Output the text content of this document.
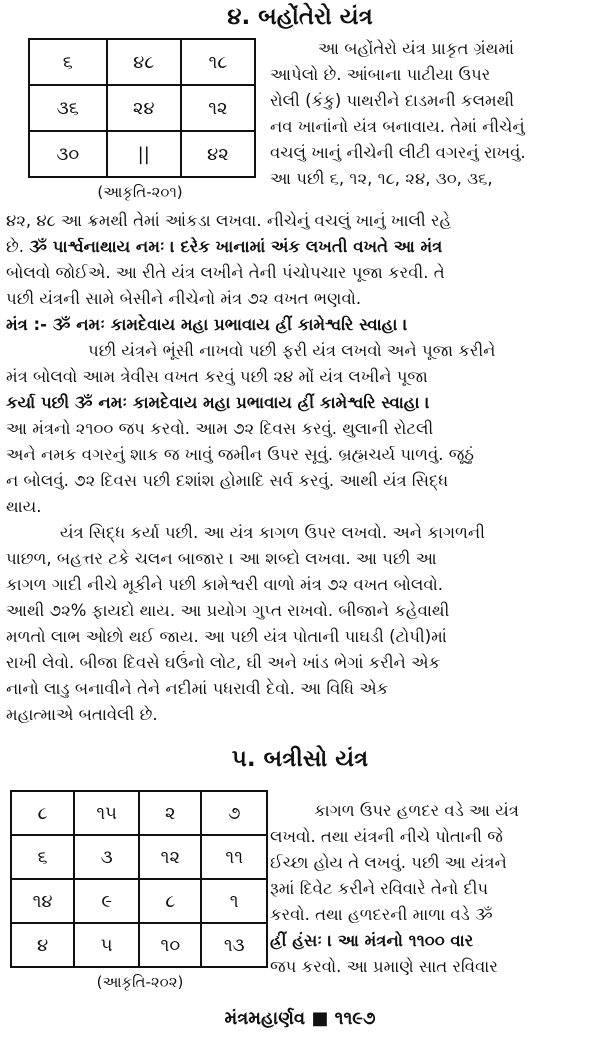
૪. બહોંતેરો યંત્ર
૬	૪૮	૧૮
૩૬	૨૪	૧૨
૩૦	||	૪૨
(આકૃતિ-૨૦૧)
આ બહોંતેરો યંત્ર પ્રાકૃત ગ્રંથમાં
આપેલો છે. આંબાના પાટીયા ઉપર
રોલી (કંકુ) પાથરીને દાડમની કલમથી
નવ ખાનાંનો યંત્ર બનાવાય. તેમાં નીચેનું
વચલું ખાનું નીચેની લીટી વગરનું રાખવું.
આ પછી ૬, ૧૨, ૧૮, ૨૪, ૩૦, ૩૬,
૪૨, ૪૮ આ ક્રમથી તેમાં આંકડા લખવા. નીચેનું વચલું ખાનું ખાલી રહે
છે. ૐ પાર્શ્વનાથાય નમઃ । દરેક ખાનામાં અંક લખતી વખતે આ મંત્ર
બોલવો જોઈએ. આ રીતે યંત્ર લખીને તેની પંચોપચાર પૂજા કરવી. તે
પછી યંત્રની સામે બેસીને નીચેનો મંત્ર ૭૨ વખત ભણવો.
મંત્ર :- ૐ નમઃ કામદેવાય મહા પ્રભાવાય હ્રીં કામેશ્વરિ સ્વાહા ।
પછી યંત્રને ભૂંસી નાખવો પછી ફરી યંત્ર લખવો અને પૂજા કરીને
મંત્ર બોલવો આમ ત્રેવીસ વખત કરવું પછી ૨૪ મોં યંત્ર લખીને પૂજા
કર્યા પછી ૐ નમઃ કામદેવાય મહા પ્રભાવાય હ્રીં કામેશ્વરિ સ્વાહા ।
આ મંત્રનો ૨૧૦૦ જપ કરવો. આમ ૭૨ દિવસ કરવું. થુલાની રોટલી
અને નમક વગરનું શાક જ ખાવું જમીન ઉપર સૂવું. બ્રહ્મચર્ય પાળવું. જૂઠું
ન બોલવું. ૭૨ દિવસ પછી દશાંશ હોમાદિ સર્વ કરવું. આથી યંત્ર સિદ્ધ
થાય.
યંત્ર સિદ્ધ કર્યા પછી. આ યંત્ર કાગળ ઉપર લખવો. અને કાગળની
પાછળ, બહત્તર ટકે ચલન બાજાર । આ શબ્દો લખવા. આ પછી આ
કાગળ ગાદી નીચે મૂકીને પછી કામેશ્વરી વાળો મંત્ર ૭૨ વખત બોલવો.
આથી ૭૨% ફાયદો થાય. આ પ્રયોગ ગુપ્ત રાખવો. બીજાને કહેવાથી
મળતો લાભ ઓછો થઈ જાય. આ પછી યંત્ર પોતાની પાઘડી (ટોપી)માં
રાખી લેવો. બીજા દિવસે ઘઉંનો લોટ, ઘી અને ખાંડ ભેગાં કરીને એક
નાનો લાડુ બનાવીને તેને નદીમાં પધરાવી દેવો. આ વિધિ એક
મહાત્માએ બતાવેલી છે.
૫. બત્રીસો યંત્ર
૮	૧૫	૨	૭
૬	૩	૧૨	૧૧
૧૪	૯	૮	૧
૪	૫	૧૦	૧૩
(આકૃતિ-૨૦૨)
કાગળ ઉપર હળદર વડે આ યંત્ર
લખવો. તથા યંત્રની નીચે પોતાની જે
ઈચ્છા હોય તે લખવું. પછી આ યંત્રને
રૂમાં દિવેટ કરીને રવિવારે તેનો દીપ
કરવો. તથા હળદરની માળા વડે ૐ
હ્રીં હંસઃ । આ મંત્રનો ૧૧૦૦ વાર
જપ કરવો. આ પ્રમાણે સાત રવિવાર
મંત્રમહાર્ણવ ■ ૧૧૯૭
